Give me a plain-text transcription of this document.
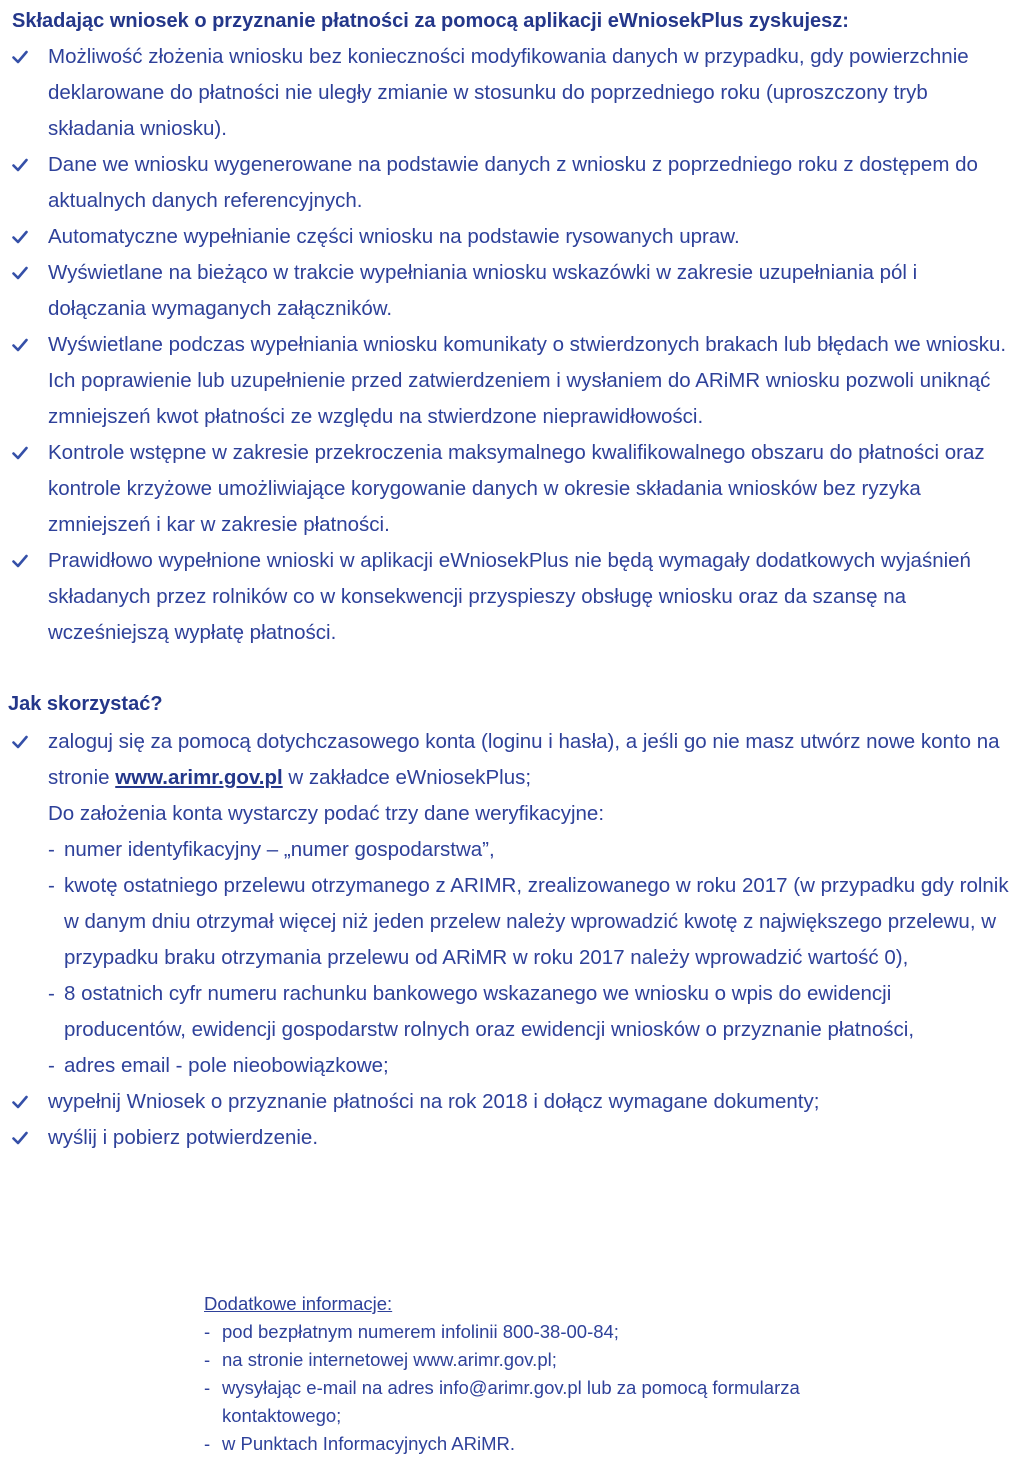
Składając wniosek o przyznanie płatności za pomocą aplikacji eWniosekPlus zyskujesz:
Możliwość złożenia wniosku bez konieczności modyfikowania danych w przypadku, gdy powierzchnie deklarowane do płatności nie uległy zmianie w stosunku do poprzedniego roku (uproszczony tryb składania wniosku).
Dane we wniosku wygenerowane na podstawie danych z wniosku z poprzedniego roku z dostępem do aktualnych danych referencyjnych.
Automatyczne wypełnianie części wniosku na podstawie rysowanych upraw.
Wyświetlane na bieżąco w trakcie wypełniania wniosku wskazówki w zakresie uzupełniania pól i dołączania wymaganych załączników.
Wyświetlane podczas wypełniania wniosku komunikaty o stwierdzonych brakach lub błędach we wniosku. Ich poprawienie lub uzupełnienie przed zatwierdzeniem i wysłaniem do ARiMR wniosku pozwoli uniknąć zmniejszeń kwot płatności ze względu na stwierdzone nieprawidłowości.
Kontrole wstępne w zakresie przekroczenia maksymalnego kwalifikowalnego obszaru do płatności oraz kontrole krzyżowe umożliwiające korygowanie danych w okresie składania wniosków bez ryzyka zmniejszeń i kar w zakresie płatności.
Prawidłowo wypełnione wnioski w aplikacji eWniosekPlus nie będą wymagały dodatkowych wyjaśnień składanych przez rolników co w konsekwencji przyspieszy obsługę wniosku oraz da szansę na wcześniejszą wypłatę płatności.
Jak skorzystać?
zaloguj się za pomocą dotychczasowego konta (loginu i hasła), a jeśli go nie masz utwórz nowe konto na stronie www.arimr.gov.pl w zakładce eWniosekPlus;
Do założenia konta wystarczy podać trzy dane weryfikacyjne:
- numer identyfikacyjny – „numer gospodarstwa”,
- kwotę ostatniego przelewu otrzymanego z ARIMR, zrealizowanego w roku 2017 (w przypadku gdy rolnik w danym dniu otrzymał więcej niż jeden przelew należy wprowadzić kwotę z największego przelewu, w przypadku braku otrzymania przelewu od ARiMR w roku 2017 należy wprowadzić wartość 0),
- 8 ostatnich cyfr numeru rachunku bankowego wskazanego we wniosku o wpis do ewidencji producentów, ewidencji gospodarstw rolnych oraz ewidencji wniosków o przyznanie płatności,
- adres email - pole nieobowiązkowe;
wypełnij Wniosek o przyznanie płatności na rok 2018 i dołącz wymagane dokumenty;
wyślij i pobierz potwierdzenie.
Dodatkowe informacje:
- pod bezpłatnym numerem infolinii 800-38-00-84;
- na stronie internetowej www.arimr.gov.pl;
- wysyłając e-mail na adres info@arimr.gov.pl lub za pomocą formularza kontaktowego;
- w Punktach Informacyjnych ARiMR.
